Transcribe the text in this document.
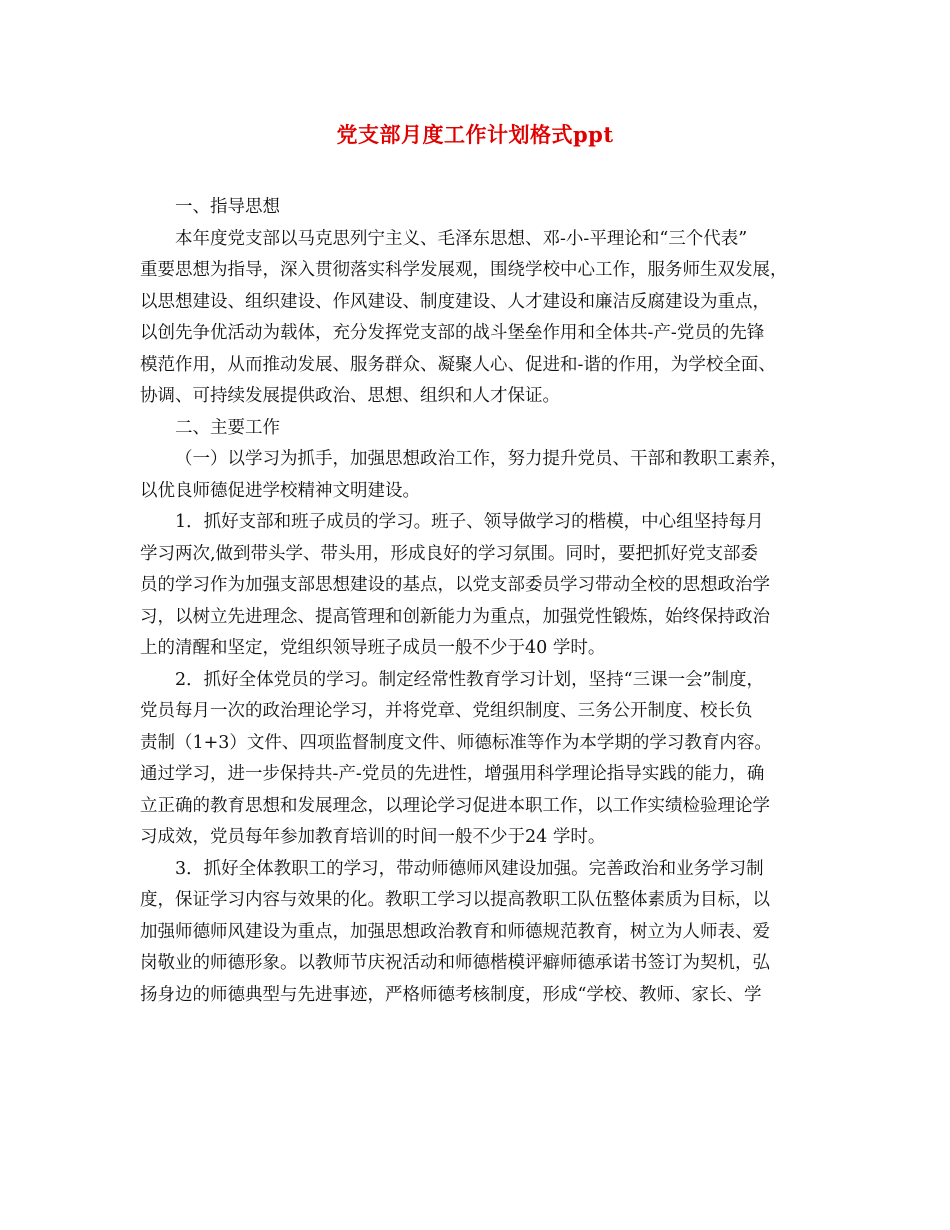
党支部月度工作计划格式ppt
一、指导思想
本年度党支部以马克思列宁主义、毛泽东思想、邓-小-平理论和“三个代表”
重要思想为指导，深入贯彻落实科学发展观，围绕学校中心工作，服务师生双发展，
以思想建设、组织建设、作风建设、制度建设、人才建设和廉洁反腐建设为重点，
以创先争优活动为载体，充分发挥党支部的战斗堡垒作用和全体共-产-党员的先锋
模范作用，从而推动发展、服务群众、凝聚人心、促进和-谐的作用，为学校全面、
协调、可持续发展提供政治、思想、组织和人才保证。
二、主要工作
（一）以学习为抓手，加强思想政治工作，努力提升党员、干部和教职工素养，
以优良师德促进学校精神文明建设。
1．抓好支部和班子成员的学习。班子、领导做学习的楷模，中心组坚持每月
学习两次,做到带头学、带头用，形成良好的学习氛围。同时，要把抓好党支部委
员的学习作为加强支部思想建设的基点，以党支部委员学习带动全校的思想政治学
习，以树立先进理念、提高管理和创新能力为重点，加强党性锻炼，始终保持政治
上的清醒和坚定，党组织领导班子成员一般不少于40 学时。
2．抓好全体党员的学习。制定经常性教育学习计划，坚持“三课一会”制度，
党员每月一次的政治理论学习，并将党章、党组织制度、三务公开制度、校长负
责制（1+3）文件、四项监督制度文件、师德标准等作为本学期的学习教育内容。
通过学习，进一步保持共-产-党员的先进性，增强用科学理论指导实践的能力，确
立正确的教育思想和发展理念，以理论学习促进本职工作，以工作实绩检验理论学
习成效，党员每年参加教育培训的时间一般不少于24 学时。
3．抓好全体教职工的学习，带动师德师风建设加强。完善政治和业务学习制
度，保证学习内容与效果的化。教职工学习以提高教职工队伍整体素质为目标，以
加强师德师风建设为重点，加强思想政治教育和师德规范教育，树立为人师表、爱
岗敬业的师德形象。以教师节庆祝活动和师德楷模评癖师德承诺书签订为契机，弘
扬身边的师德典型与先进事迹，严格师德考核制度，形成“学校、教师、家长、学
